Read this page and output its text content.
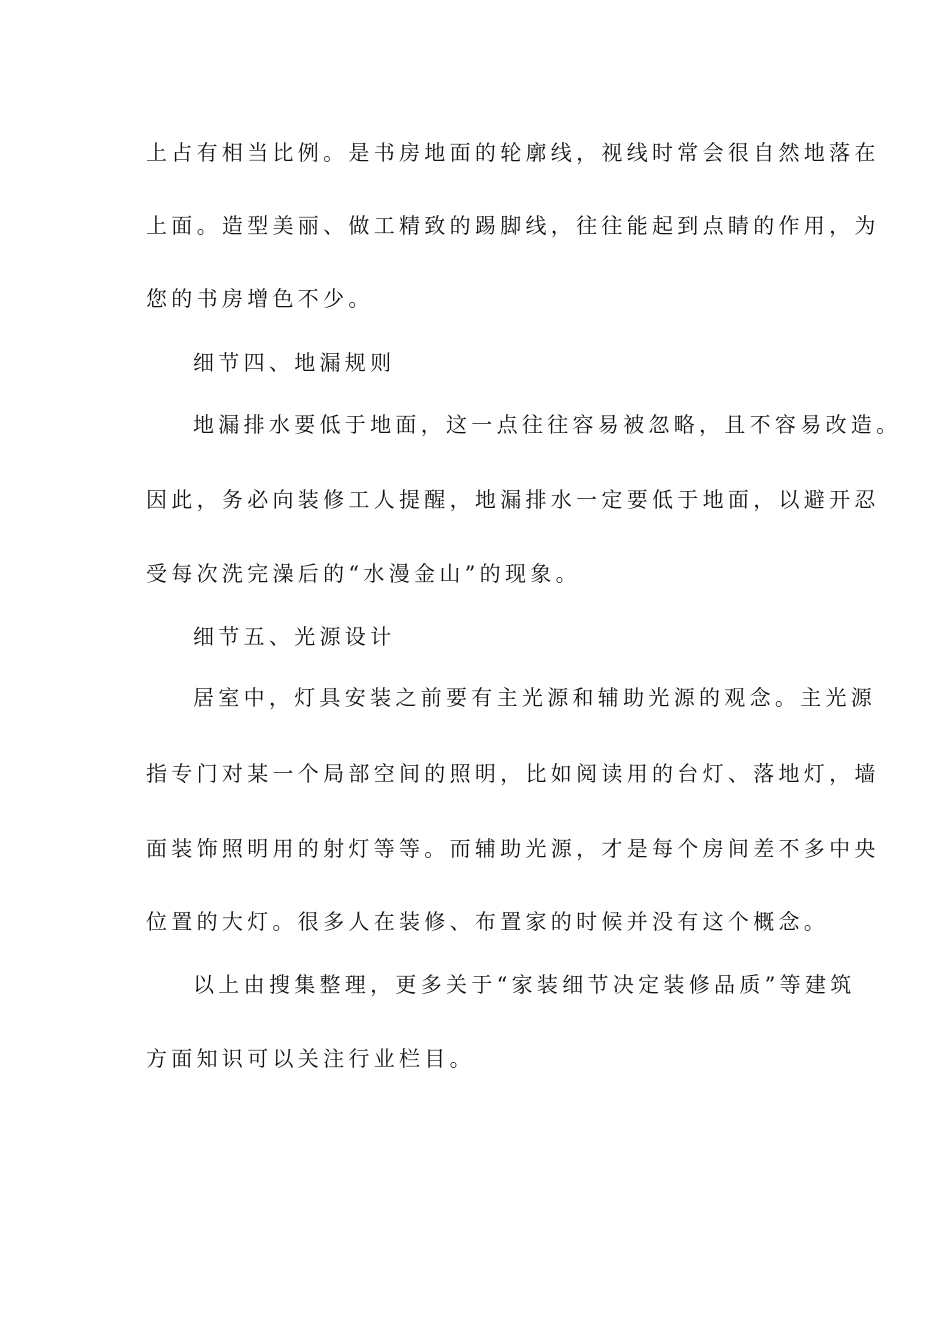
上占有相当比例。是书房地面的轮廓线，视线时常会很自然地落在
上面。造型美丽、做工精致的踢脚线，往往能起到点睛的作用，为
您的书房增色不少。
细节四、地漏规则
地漏排水要低于地面，这一点往往容易被忽略，且不容易改造。
因此，务必向装修工人提醒，地漏排水一定要低于地面，以避开忍
受每次洗完澡后的“水漫金山”的现象。
细节五、光源设计
居室中，灯具安装之前要有主光源和辅助光源的观念。主光源
指专门对某一个局部空间的照明，比如阅读用的台灯、落地灯，墙
面装饰照明用的射灯等等。而辅助光源，才是每个房间差不多中央
位置的大灯。很多人在装修、布置家的时候并没有这个概念。
以上由搜集整理，更多关于“家装细节决定装修品质”等建筑
方面知识可以关注行业栏目。
